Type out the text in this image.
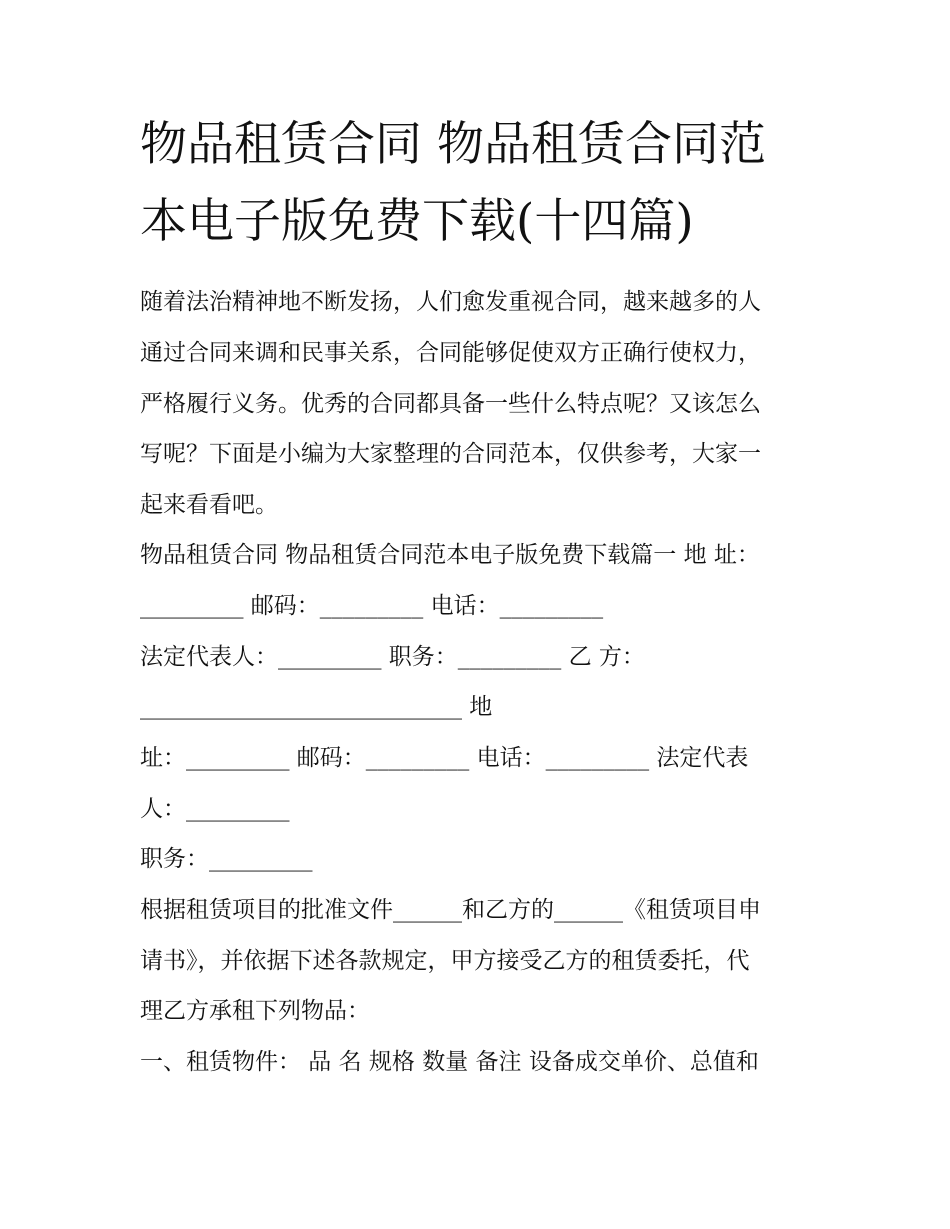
物品租赁合同 物品租赁合同范
本电子版免费下载(十四篇)
随着法治精神地不断发扬，人们愈发重视合同，越来越多的人
通过合同来调和民事关系，合同能够促使双方正确行使权力，
严格履行义务。优秀的合同都具备一些什么特点呢？又该怎么
写呢？下面是小编为大家整理的合同范本，仅供参考，大家一
起来看看吧。
物品租赁合同 物品租赁合同范本电子版免费下载篇一 地 址：
_________ 邮码：_________ 电话：_________
法定代表人：_________ 职务：_________ 乙 方：
____________________________ 地
址：_________ 邮码：_________ 电话：_________ 法定代表
人：_________
职务：_________
根据租赁项目的批准文件______和乙方的______《租赁项目申
请书》，并依据下述各款规定，甲方接受乙方的租赁委托，代
理乙方承租下列物品：
一、租赁物件： 品 名 规格 数量 备注 设备成交单价、总值和
